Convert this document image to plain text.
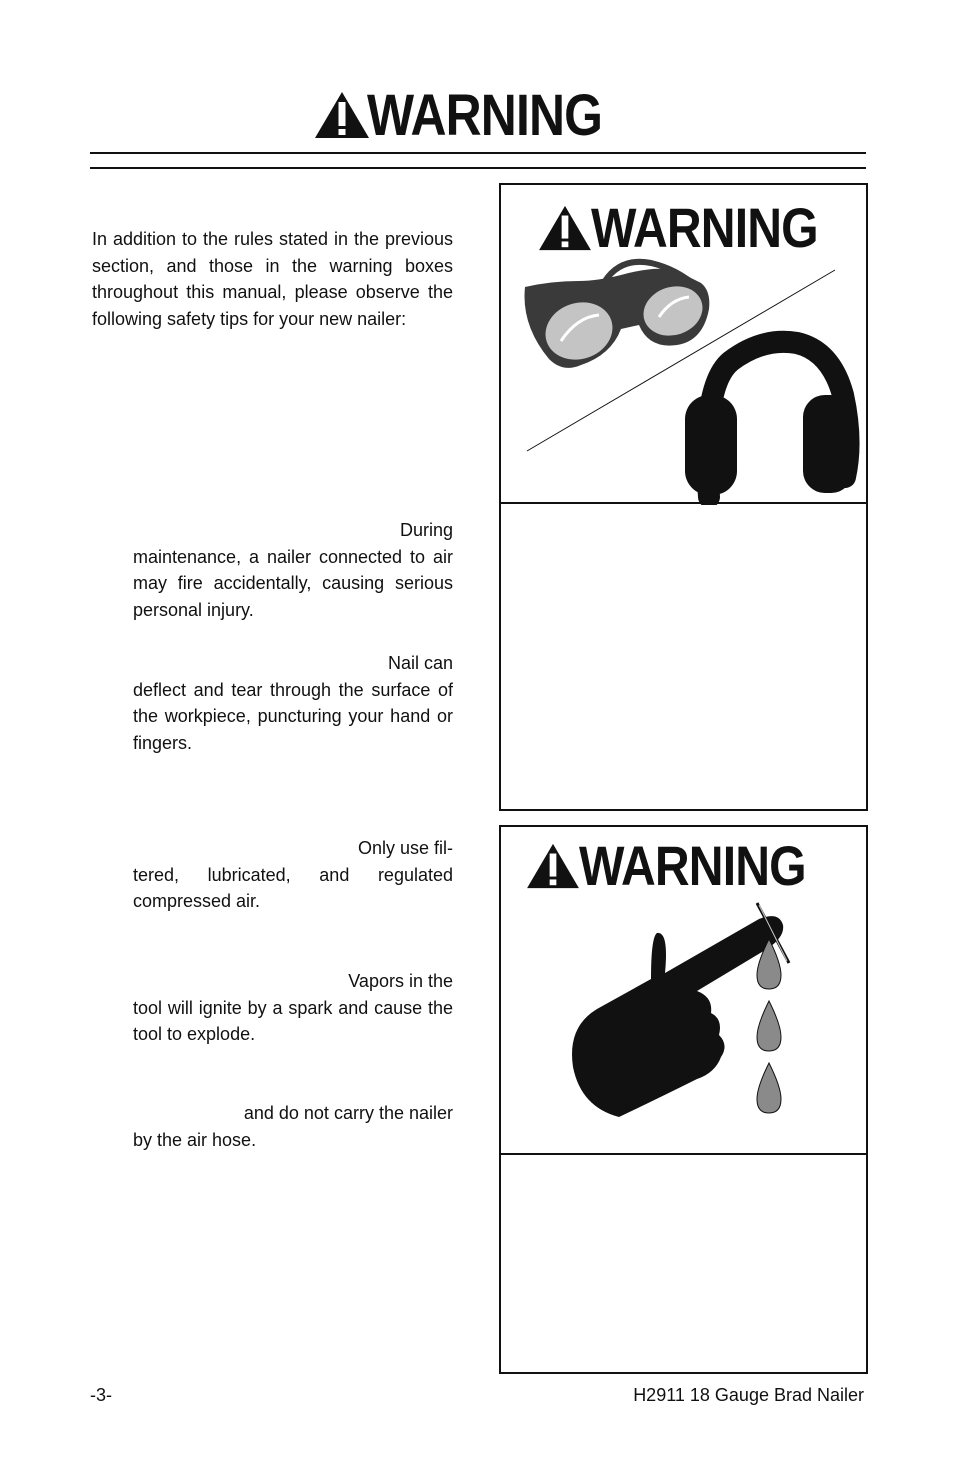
WARNING

In addition to the rules stated in the previous section, and those in the warning boxes throughout this manual, please observe the following safety tips for your new nailer:

During
maintenance, a nailer connected to air may fire accidentally, causing serious personal injury.
Nail can
deflect and tear through the surface of the workpiece, puncturing your hand or fingers.
Only use fil-
tered, lubricated, and regulated compressed air.
Vapors in the
tool will ignite by a spark and cause the tool to explode.
and do not carry the nailer
by the air hose.
WARNING
WARNING
-3-	H2911 18 Gauge Brad Nailer
